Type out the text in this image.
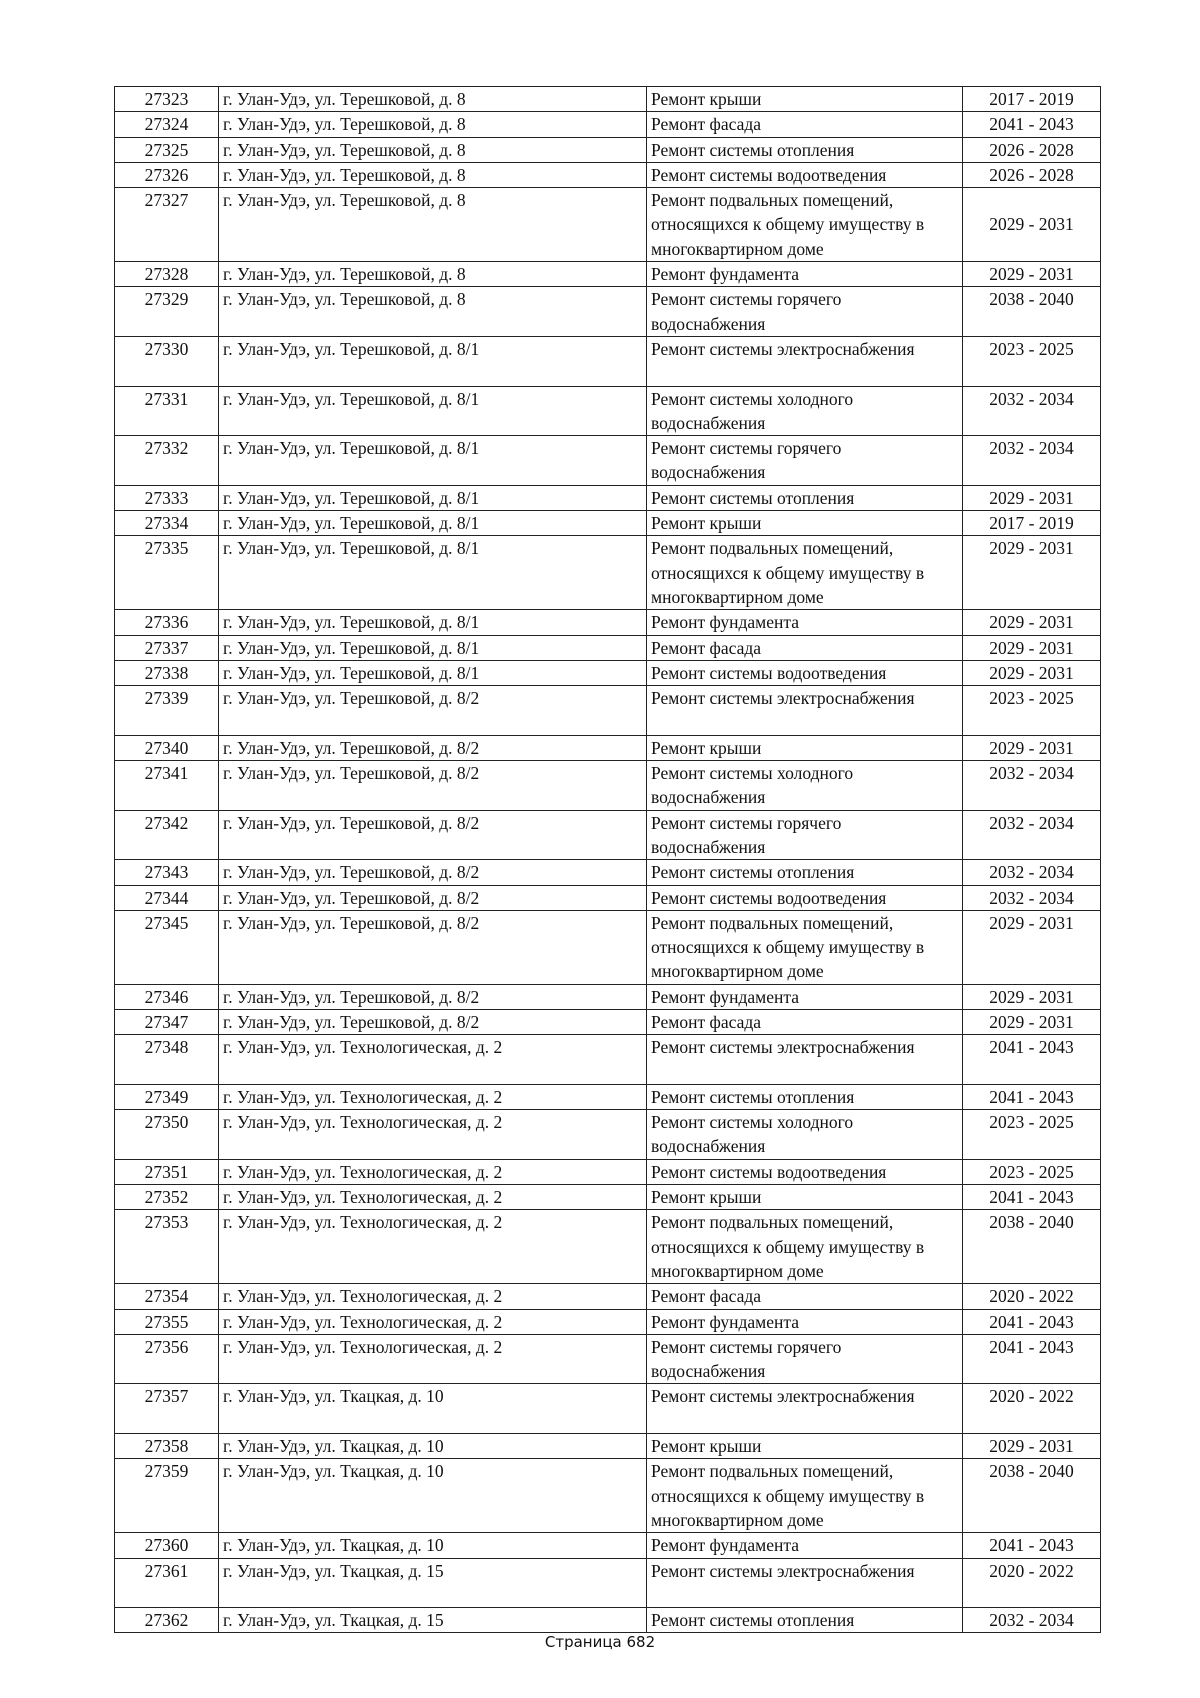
27323	г. Улан-Удэ, ул. Терешковой, д. 8	Ремонт крыши	2017 - 2019
27324	г. Улан-Удэ, ул. Терешковой, д. 8	Ремонт фасада	2041 - 2043
27325	г. Улан-Удэ, ул. Терешковой, д. 8	Ремонт системы отопления	2026 - 2028
27326	г. Улан-Удэ, ул. Терешковой, д. 8	Ремонт системы водоотведения	2026 - 2028
27327	г. Улан-Удэ, ул. Терешковой, д. 8	Ремонт подвальных помещений, относящихся к общему имуществу в многоквартирном доме	2029 - 2031
27328	г. Улан-Удэ, ул. Терешковой, д. 8	Ремонт фундамента	2029 - 2031
27329	г. Улан-Удэ, ул. Терешковой, д. 8	Ремонт системы горячего водоснабжения	2038 - 2040
27330	г. Улан-Удэ, ул. Терешковой, д. 8/1	Ремонт системы электроснабжения	2023 - 2025
27331	г. Улан-Удэ, ул. Терешковой, д. 8/1	Ремонт системы холодного водоснабжения	2032 - 2034
27332	г. Улан-Удэ, ул. Терешковой, д. 8/1	Ремонт системы горячего водоснабжения	2032 - 2034
27333	г. Улан-Удэ, ул. Терешковой, д. 8/1	Ремонт системы отопления	2029 - 2031
27334	г. Улан-Удэ, ул. Терешковой, д. 8/1	Ремонт крыши	2017 - 2019
27335	г. Улан-Удэ, ул. Терешковой, д. 8/1	Ремонт подвальных помещений, относящихся к общему имуществу в многоквартирном доме	2029 - 2031
27336	г. Улан-Удэ, ул. Терешковой, д. 8/1	Ремонт фундамента	2029 - 2031
27337	г. Улан-Удэ, ул. Терешковой, д. 8/1	Ремонт фасада	2029 - 2031
27338	г. Улан-Удэ, ул. Терешковой, д. 8/1	Ремонт системы водоотведения	2029 - 2031
27339	г. Улан-Удэ, ул. Терешковой, д. 8/2	Ремонт системы электроснабжения	2023 - 2025
27340	г. Улан-Удэ, ул. Терешковой, д. 8/2	Ремонт крыши	2029 - 2031
27341	г. Улан-Удэ, ул. Терешковой, д. 8/2	Ремонт системы холодного водоснабжения	2032 - 2034
27342	г. Улан-Удэ, ул. Терешковой, д. 8/2	Ремонт системы горячего водоснабжения	2032 - 2034
27343	г. Улан-Удэ, ул. Терешковой, д. 8/2	Ремонт системы отопления	2032 - 2034
27344	г. Улан-Удэ, ул. Терешковой, д. 8/2	Ремонт системы водоотведения	2032 - 2034
27345	г. Улан-Удэ, ул. Терешковой, д. 8/2	Ремонт подвальных помещений, относящихся к общему имуществу в многоквартирном доме	2029 - 2031
27346	г. Улан-Удэ, ул. Терешковой, д. 8/2	Ремонт фундамента	2029 - 2031
27347	г. Улан-Удэ, ул. Терешковой, д. 8/2	Ремонт фасада	2029 - 2031
27348	г. Улан-Удэ, ул. Технологическая, д. 2	Ремонт системы электроснабжения	2041 - 2043
27349	г. Улан-Удэ, ул. Технологическая, д. 2	Ремонт системы отопления	2041 - 2043
27350	г. Улан-Удэ, ул. Технологическая, д. 2	Ремонт системы холодного водоснабжения	2023 - 2025
27351	г. Улан-Удэ, ул. Технологическая, д. 2	Ремонт системы водоотведения	2023 - 2025
27352	г. Улан-Удэ, ул. Технологическая, д. 2	Ремонт крыши	2041 - 2043
27353	г. Улан-Удэ, ул. Технологическая, д. 2	Ремонт подвальных помещений, относящихся к общему имуществу в многоквартирном доме	2038 - 2040
27354	г. Улан-Удэ, ул. Технологическая, д. 2	Ремонт фасада	2020 - 2022
27355	г. Улан-Удэ, ул. Технологическая, д. 2	Ремонт фундамента	2041 - 2043
27356	г. Улан-Удэ, ул. Технологическая, д. 2	Ремонт системы горячего водоснабжения	2041 - 2043
27357	г. Улан-Удэ, ул. Ткацкая, д. 10	Ремонт системы электроснабжения	2020 - 2022
27358	г. Улан-Удэ, ул. Ткацкая, д. 10	Ремонт крыши	2029 - 2031
27359	г. Улан-Удэ, ул. Ткацкая, д. 10	Ремонт подвальных помещений, относящихся к общему имуществу в многоквартирном доме	2038 - 2040
27360	г. Улан-Удэ, ул. Ткацкая, д. 10	Ремонт фундамента	2041 - 2043
27361	г. Улан-Удэ, ул. Ткацкая, д. 15	Ремонт системы электроснабжения	2020 - 2022
27362	г. Улан-Удэ, ул. Ткацкая, д. 15	Ремонт системы отопления	2032 - 2034
Страница 682
